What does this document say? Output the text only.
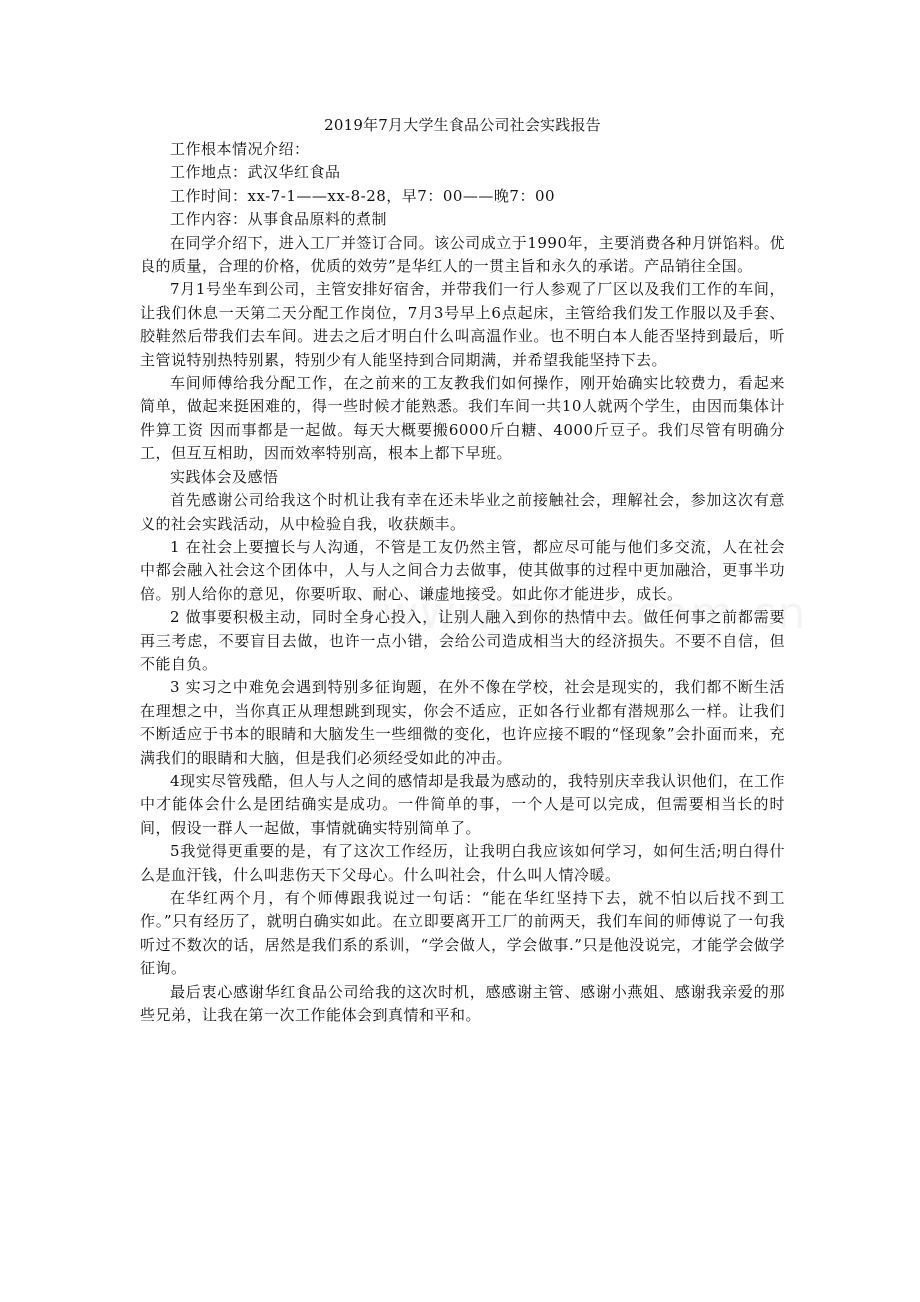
2019年7月大学生食品公司社会实践报告

工作根本情况介绍：

工作地点：武汉华红食品

工作时间：xx-7-1——xx-8-28，早7：00——晚7：00

工作内容：从事食品原料的煮制

在同学介绍下，进入工厂并签订合同。该公司成立于1990年，主要消费各种月饼馅料。优良的质量，合理的价格，优质的效劳”是华红人的一贯主旨和永久的承诺。产品销往全国。

7月1号坐车到公司，主管安排好宿舍，并带我们一行人参观了厂区以及我们工作的车间，让我们休息一天第二天分配工作岗位，7月3号早上6点起床，主管给我们发工作服以及手套、胶鞋然后带我们去车间。进去之后才明白什么叫高温作业。也不明白本人能否坚持到最后，听主管说特别热特别累，特别少有人能坚持到合同期满，并希望我能坚持下去。

车间师傅给我分配工作，在之前来的工友教我们如何操作，刚开始确实比较费力，看起来简单，做起来挺困难的，得一些时候才能熟悉。我们车间一共10人就两个学生，由因而集体计件算工资 因而事都是一起做。每天大概要搬6000斤白糖、4000斤豆子。我们尽管有明确分工，但互互相助，因而效率特别高，根本上都下早班。

实践体会及感悟

首先感谢公司给我这个时机让我有幸在还未毕业之前接触社会，理解社会，参加这次有意义的社会实践活动，从中检验自我，收获颇丰。

1 在社会上要擅长与人沟通，不管是工友仍然主管，都应尽可能与他们多交流，人在社会中都会融入社会这个团体中，人与人之间合力去做事，使其做事的过程中更加融洽，更事半功倍。别人给你的意见，你要听取、耐心、谦虚地接受。如此你才能进步，成长。

2 做事要积极主动，同时全身心投入，让别人融入到你的热情中去。做任何事之前都需要再三考虑，不要盲目去做，也许一点小错，会给公司造成相当大的经济损失。不要不自信，但不能自负。

3 实习之中难免会遇到特别多征询题，在外不像在学校，社会是现实的，我们都不断生活在理想之中，当你真正从理想跳到现实，你会不适应，正如各行业都有潜规那么一样。让我们不断适应于书本的眼睛和大脑发生一些细微的变化，也许应接不暇的“怪现象”会扑面而来，充满我们的眼睛和大脑，但是我们必须经受如此的冲击。

4现实尽管残酷，但人与人之间的感情却是我最为感动的，我特别庆幸我认识他们，在工作中才能体会什么是团结确实是成功。一件简单的事，一个人是可以完成，但需要相当长的时间，假设一群人一起做，事情就确实特别简单了。

5我觉得更重要的是，有了这次工作经历，让我明白我应该如何学习，如何生活;明白得什么是血汗钱，什么叫悲伤天下父母心。什么叫社会，什么叫人情冷暖。

在华红两个月，有个师傅跟我说过一句话：“能在华红坚持下去，就不怕以后找不到工作。”只有经历了，就明白确实如此。在立即要离开工厂的前两天，我们车间的师傅说了一句我听过不数次的话，居然是我们系的系训，“学会做人，学会做事.”只是他没说完，才能学会做学征询。

最后衷心感谢华红食品公司给我的这次时机，感感谢主管、感谢小燕姐、感谢我亲爱的那些兄弟，让我在第一次工作能体会到真情和平和。
